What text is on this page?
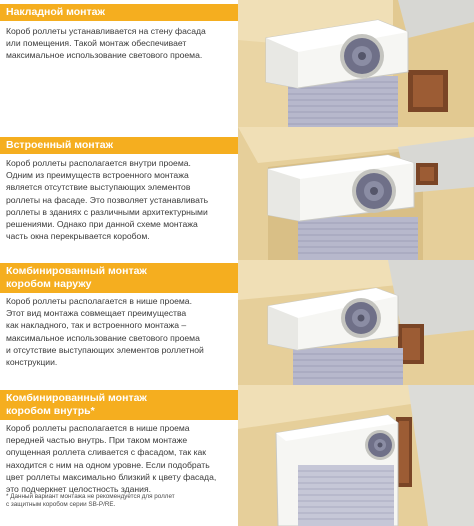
Накладной монтаж
Короб роллеты устанавливается на стену фасада
или помещения. Такой монтаж обеспечивает
максимальное использование светового проема.
Встроенный монтаж
Короб роллеты располагается внутри проема.
Одним из преимуществ встроенного монтажа
является отсутствие выступающих элементов
роллеты на фасаде. Это позволяет устанавливать
роллеты в зданиях с различными архитектурными
решениями. Однако при данной схеме монтажа
часть окна перекрывается коробом.
Комбинированный монтаж
коробом наружу
Короб роллеты располагается в нише проема.
Этот вид монтажа совмещает преимущества
как накладного, так и встроенного монтажа –
максимальное использование светового проема
и отсутствие выступающих элементов роллетной
конструкции.
Комбинированный монтаж
коробом внутрь*
Короб роллеты располагается в нише проема
передней частью внутрь. При таком монтаже
опущенная роллета сливается с фасадом, так как
находится с ним на одном уровне. Если подобрать
цвет роллеты максимально близкий к цвету фасада,
это подчеркнет целостность здания.
* Данный вариант монтажа не рекомендуется для роллет
с защитным коробом серии SB-P/RE.
